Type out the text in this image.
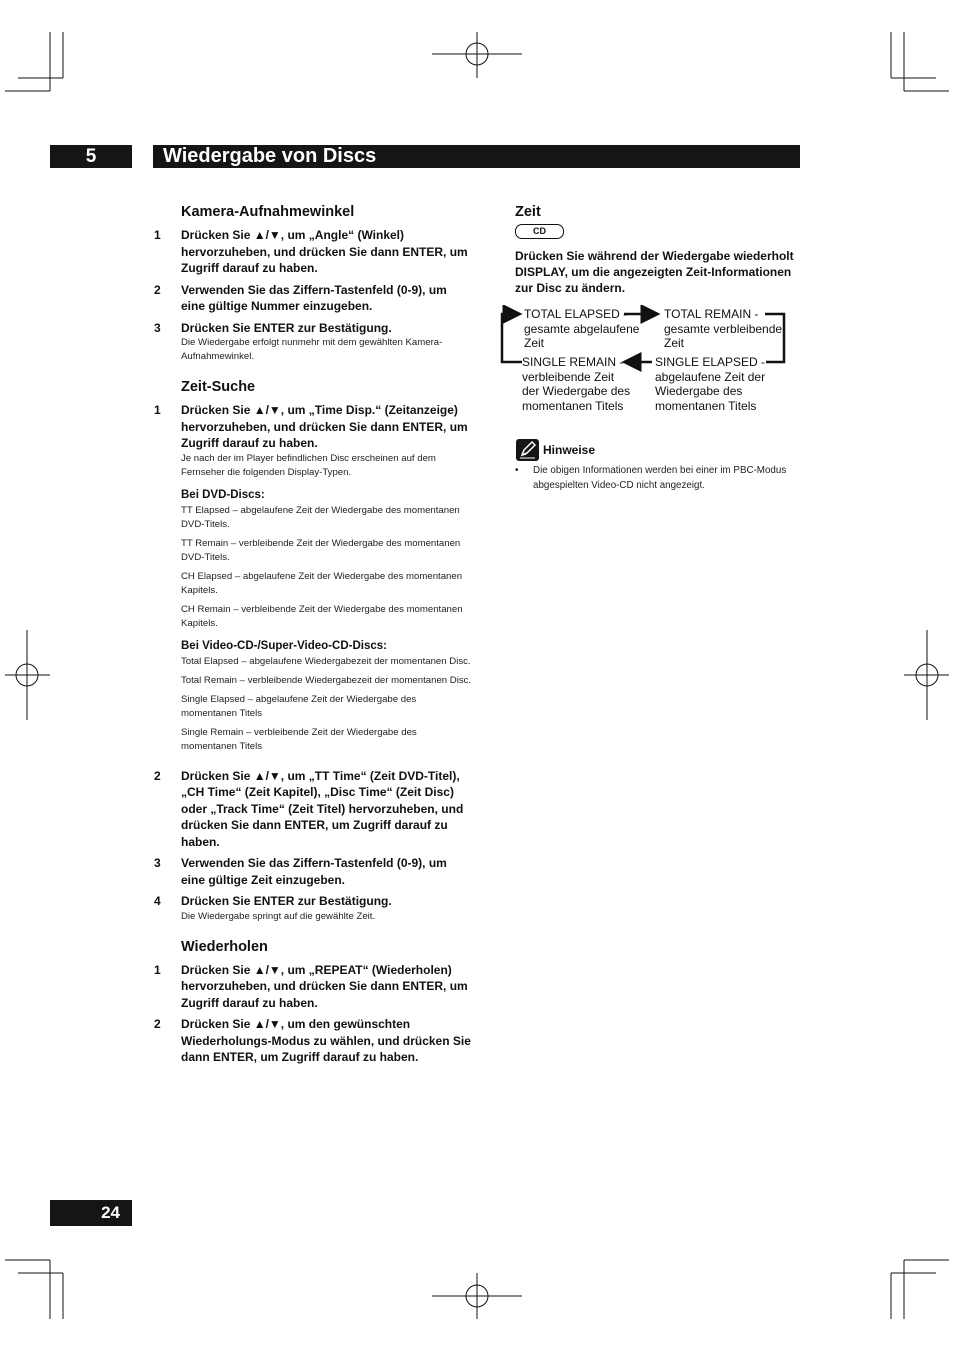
5	Wiedergabe von Discs
Kamera-Aufnahmewinkel
1	Drücken Sie ▲/▼, um „Angle“ (Winkel) hervorzuheben, und drücken Sie dann ENTER, um Zugriff darauf zu haben.
2	Verwenden Sie das Ziffern-Tastenfeld (0-9), um eine gültige Nummer einzugeben.
3	Drücken Sie ENTER zur Bestätigung.
Die Wiedergabe erfolgt nunmehr mit dem gewählten Kamera-Aufnahmewinkel.
Zeit-Suche
1	Drücken Sie ▲/▼, um „Time Disp.“ (Zeitanzeige) hervorzuheben, und drücken Sie dann ENTER, um Zugriff darauf zu haben.
Je nach der im Player befindlichen Disc erscheinen auf dem Fernseher die folgenden Display-Typen.
Bei DVD-Discs:
TT Elapsed – abgelaufene Zeit der Wiedergabe des momentanen DVD-Titels.
TT Remain – verbleibende Zeit der Wiedergabe des momentanen DVD-Titels.
CH Elapsed – abgelaufene Zeit der Wiedergabe des momentanen Kapitels.
CH Remain – verbleibende Zeit der Wiedergabe des momentanen Kapitels.
Bei Video-CD-/Super-Video-CD-Discs:
Total Elapsed – abgelaufene Wiedergabezeit der momentanen Disc.
Total Remain – verbleibende Wiedergabezeit der momentanen Disc.
Single Elapsed – abgelaufene Zeit der Wiedergabe des momentanen Titels
Single Remain – verbleibende Zeit der Wiedergabe des momentanen Titels
2	Drücken Sie ▲/▼, um „TT Time“ (Zeit DVD-Titel), „CH Time“ (Zeit Kapitel), „Disc Time“ (Zeit Disc) oder „Track Time“ (Zeit Titel) hervorzuheben, und drücken Sie dann ENTER, um Zugriff darauf zu haben.
3	Verwenden Sie das Ziffern-Tastenfeld (0-9), um eine gültige Zeit einzugeben.
4	Drücken Sie ENTER zur Bestätigung.
Die Wiedergabe springt auf die gewählte Zeit.
Wiederholen
1	Drücken Sie ▲/▼, um „REPEAT“ (Wiederholen) hervorzuheben, und drücken Sie dann ENTER, um Zugriff darauf zu haben.
2	Drücken Sie ▲/▼, um den gewünschten Wiederholungs-Modus zu wählen, und drücken Sie dann ENTER, um Zugriff darauf zu haben.
Zeit
CD
Drücken Sie während der Wiedergabe wiederholt DISPLAY, um die angezeigten Zeit-Informationen zur Disc zu ändern.
TOTAL ELAPSED -
gesamte abgelaufene
Zeit
TOTAL REMAIN -
gesamte verbleibende
Zeit
SINGLE REMAIN -
verbleibende Zeit
der Wiedergabe des
momentanen Titels
SINGLE ELAPSED -
abgelaufene Zeit der
Wiedergabe des
momentanen Titels
Hinweise
• Die obigen Informationen werden bei einer im PBC-Modus abgespielten Video-CD nicht angezeigt.
24
